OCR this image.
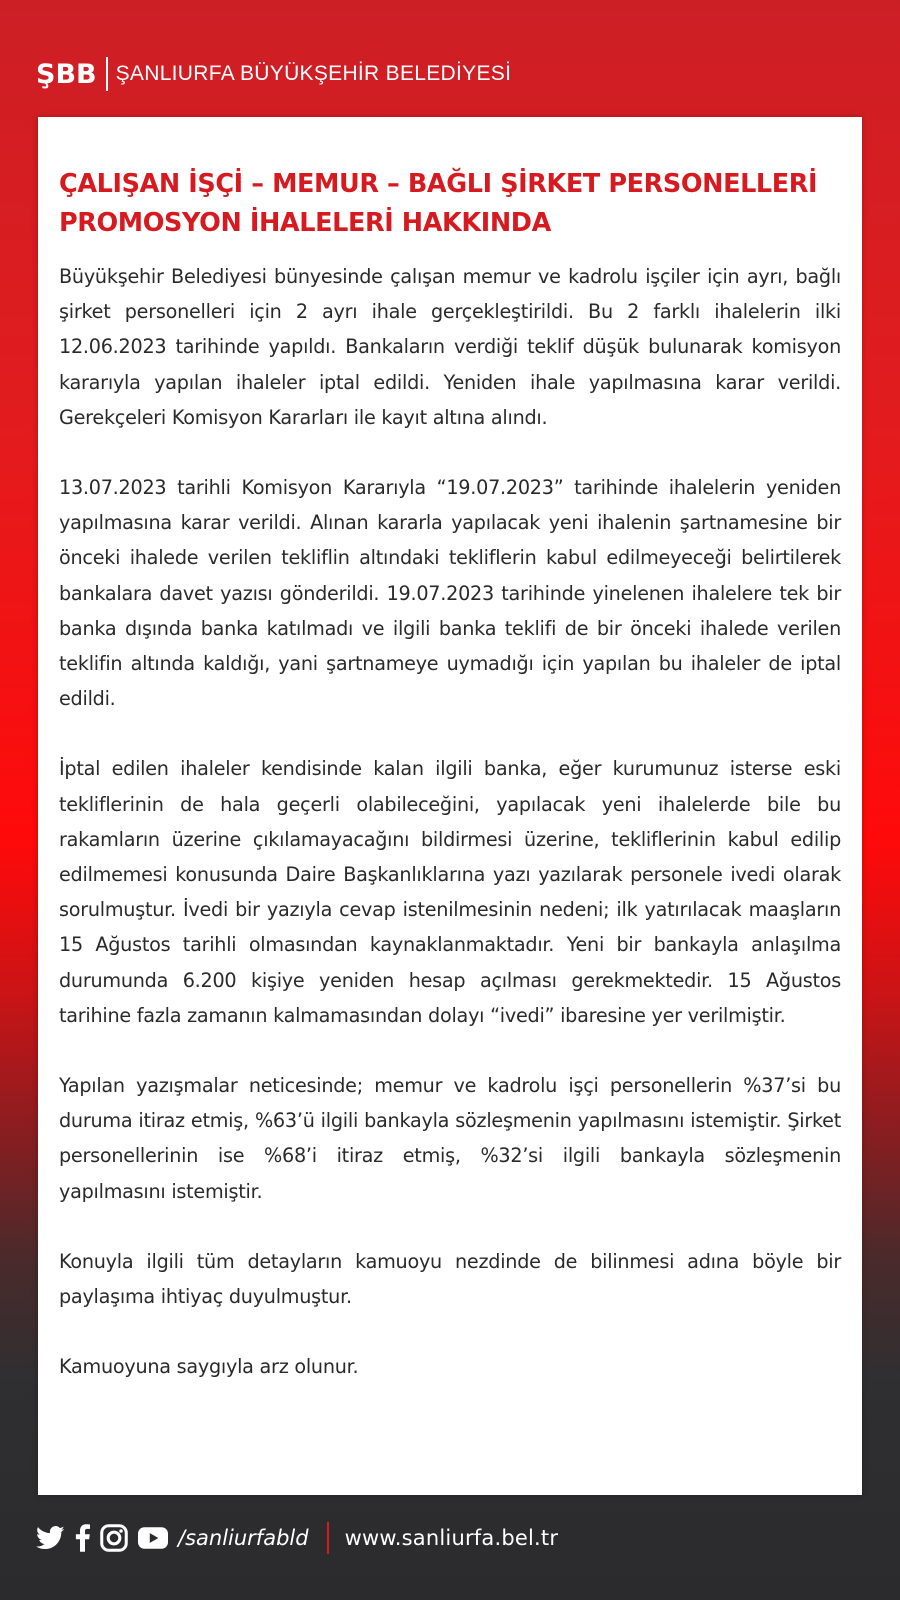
ŞBB ŞANLIURFA BÜYÜKŞEHİR BELEDİYESİ
ÇALIŞAN İŞÇİ – MEMUR – BAĞLI ŞİRKET PERSONELLERİ PROMOSYON İHALELERİ HAKKINDA

Büyükşehir Belediyesi bünyesinde çalışan memur ve kadrolu işçiler için ayrı, bağlı şirket personelleri için 2 ayrı ihale gerçekleştirildi. Bu 2 farklı ihalelerin ilki 12.06.2023 tarihinde yapıldı. Bankaların verdiği teklif düşük bulunarak komisyon kararıyla yapılan ihaleler iptal edildi. Yeniden ihale yapılmasına karar verildi. Gerekçeleri Komisyon Kararları ile kayıt altına alındı.

13.07.2023 tarihli Komisyon Kararıyla “19.07.2023” tarihinde ihalelerin yeniden yapılmasına karar verildi. Alınan kararla yapılacak yeni ihalenin şartnamesine bir önceki ihalede verilen tekliflin altındaki tekliflerin kabul edilmeyeceği belirtilerek bankalara davet yazısı gönderildi. 19.07.2023 tarihinde yinelenen ihalelere tek bir banka dışında banka katılmadı ve ilgili banka teklifi de bir önceki ihalede verilen teklifin altında kaldığı, yani şartnameye uymadığı için yapılan bu ihaleler de iptal edildi.

İptal edilen ihaleler kendisinde kalan ilgili banka, eğer kurumunuz isterse eski tekliflerinin de hala geçerli olabileceğini, yapılacak yeni ihalelerde bile bu rakamların üzerine çıkılamayacağını bildirmesi üzerine, tekliflerinin kabul edilip edilmemesi konusunda Daire Başkanlıklarına yazı yazılarak personele ivedi olarak sorulmuştur. İvedi bir yazıyla cevap istenilmesinin nedeni; ilk yatırılacak maaşların 15 Ağustos tarihli olmasından kaynaklanmaktadır. Yeni bir bankayla anlaşılma durumunda 6.200 kişiye yeniden hesap açılması gerekmektedir. 15 Ağustos tarihine fazla zamanın kalmamasından dolayı “ivedi” ibaresine yer verilmiştir.

Yapılan yazışmalar neticesinde; memur ve kadrolu işçi personellerin %37’si bu duruma itiraz etmiş, %63’ü ilgili bankayla sözleşmenin yapılmasını istemiştir. Şirket personellerinin ise %68’i itiraz etmiş, %32’si ilgili bankayla sözleşmenin yapılmasını istemiştir.

Konuyla ilgili tüm detayların kamuoyu nezdinde de bilinmesi adına böyle bir paylaşıma ihtiyaç duyulmuştur.

Kamuoyuna saygıyla arz olunur.

/sanliurfabld www.sanliurfa.bel.tr
